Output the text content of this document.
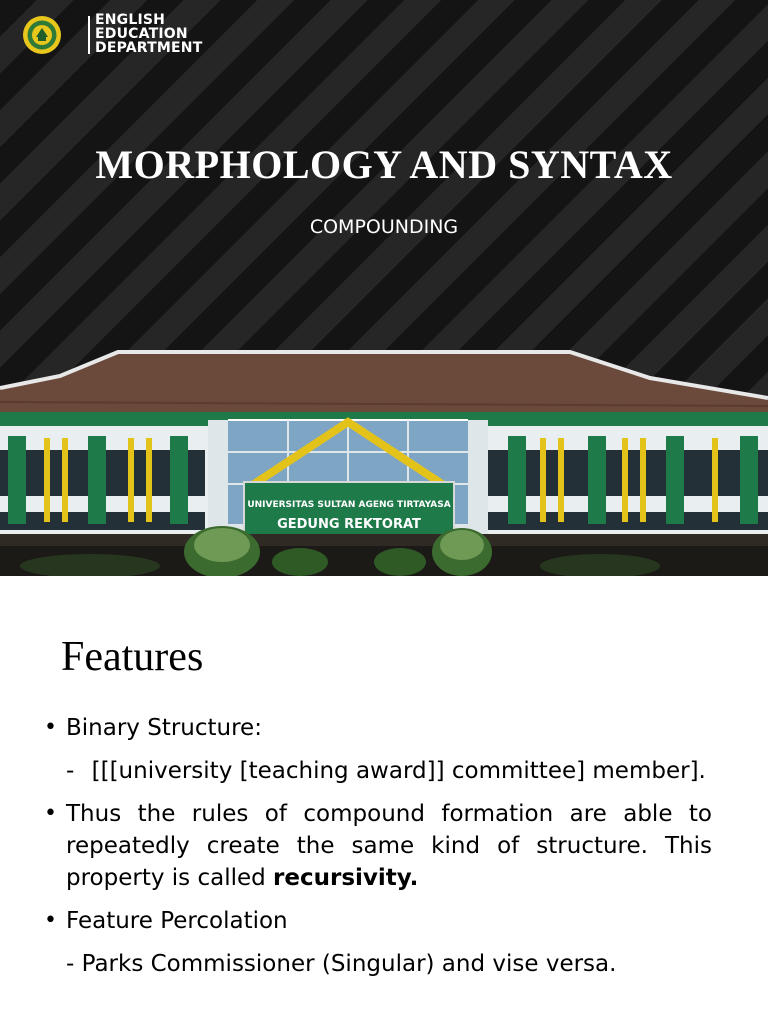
ENGLISH
EDUCATION
DEPARTMENT
MORPHOLOGY AND SYNTAX
COMPOUNDING
UNIVERSITAS SULTAN AGENG TIRTAYASA
GEDUNG REKTORAT
Features
• Binary Structure:
- [[[university [teaching award]] committee] member].
• Thus the rules of compound formation are able to repeatedly create the same kind of structure. This property is called recursivity.
• Feature Percolation
- Parks Commissioner (Singular) and vise versa.
